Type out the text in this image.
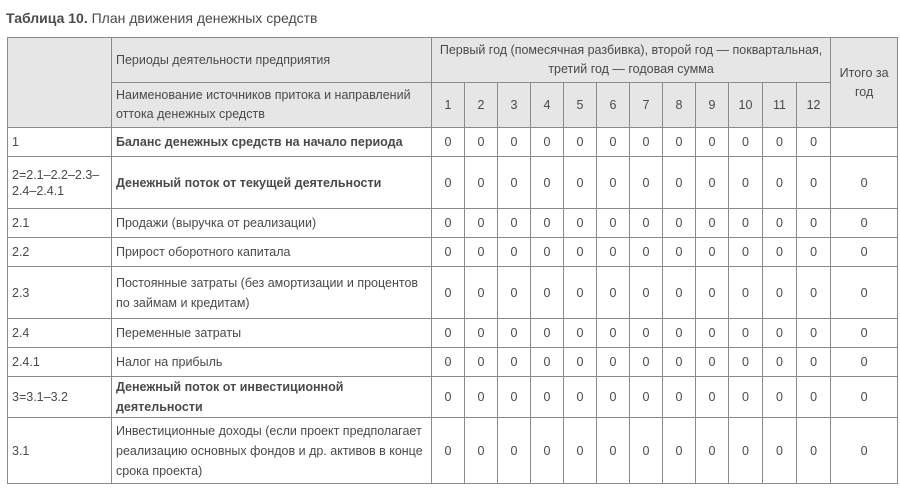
Таблица 10. План движения денежных средств
	Периоды деятельности предприятия	Первый год (помесячная разбивка), второй год — поквартальная, третий год — годовая сумма												Итого за год
	Наименование источников притока и направлений оттока денежных средств	1	2	3	4	5	6	7	8	9	10	11	12	
1	Баланс денежных средств на начало периода	0	0	0	0	0	0	0	0	0	0	0	0	
2=2.1–2.2–2.3–2.4–2.4.1	Денежный поток от текущей деятельности	0	0	0	0	0	0	0	0	0	0	0	0	0
2.1	Продажи (выручка от реализации)	0	0	0	0	0	0	0	0	0	0	0	0	0
2.2	Прирост оборотного капитала	0	0	0	0	0	0	0	0	0	0	0	0	0
2.3	Постоянные затраты (без амортизации и процентов по займам и кредитам)	0	0	0	0	0	0	0	0	0	0	0	0	0
2.4	Переменные затраты	0	0	0	0	0	0	0	0	0	0	0	0	0
2.4.1	Налог на прибыль	0	0	0	0	0	0	0	0	0	0	0	0	0
3=3.1–3.2	Денежный поток от инвестиционной деятельности	0	0	0	0	0	0	0	0	0	0	0	0	0
3.1	Инвестиционные доходы (если проект предполагает реализацию основных фондов и др. активов в конце срока проекта)	0	0	0	0	0	0	0	0	0	0	0	0	0
